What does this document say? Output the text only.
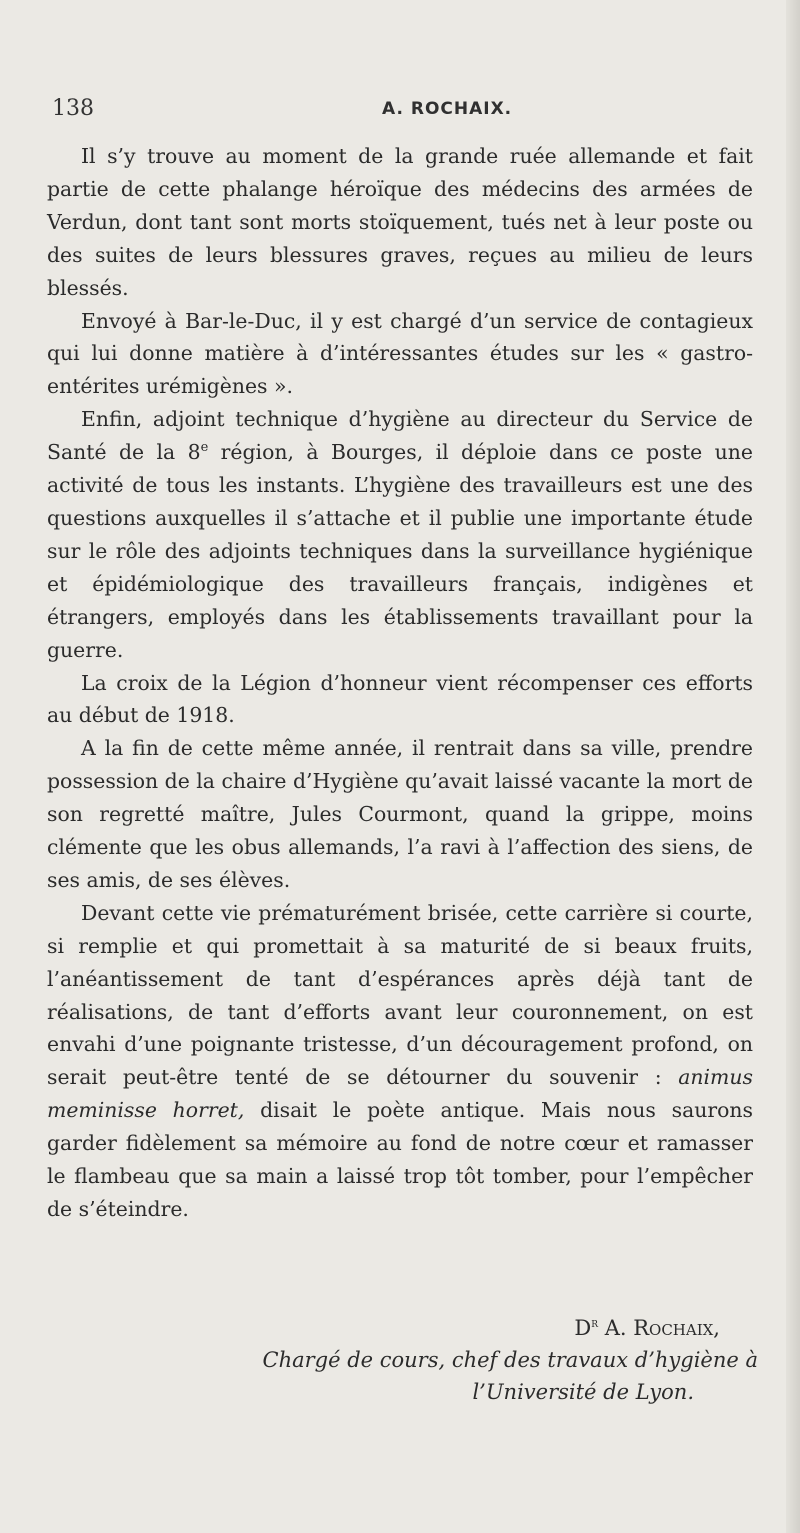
138	A. ROCHAIX.

Il s’y trouve au moment de la grande ruée allemande et fait partie de cette phalange héroïque des médecins des armées de Verdun, dont tant sont morts stoïquement, tués net à leur poste ou des suites de leurs blessures graves, reçues au milieu de leurs blessés.

Envoyé à Bar-le-Duc, il y est chargé d’un service de contagieux qui lui donne matière à d’intéressantes études sur les « gastro-entérites urémigènes ».

Enfin, adjoint technique d’hygiène au directeur du Service de Santé de la 8e région, à Bourges, il déploie dans ce poste une activité de tous les instants. L’hygiène des travailleurs est une des questions auxquelles il s’attache et il publie une importante étude sur le rôle des adjoints techniques dans la surveillance hygiénique et épidémiologique des travailleurs français, indigènes et étrangers, employés dans les établissements travaillant pour la guerre.

La croix de la Légion d’honneur vient récompenser ces efforts au début de 1918.

A la fin de cette même année, il rentrait dans sa ville, prendre possession de la chaire d’Hygiène qu’avait laissé vacante la mort de son regretté maître, Jules Courmont, quand la grippe, moins clémente que les obus allemands, l’a ravi à l’affection des siens, de ses amis, de ses élèves.

Devant cette vie prématurément brisée, cette carrière si courte, si remplie et qui promettait à sa maturité de si beaux fruits, l’anéantissement de tant d’espérances après déjà tant de réalisations, de tant d’efforts avant leur couronnement, on est envahi d’une poignante tristesse, d’un découragement profond, on serait peut-être tenté de se détourner du souvenir : animus meminisse horret, disait le poète antique. Mais nous saurons garder fidèlement sa mémoire au fond de notre cœur et ramasser le flambeau que sa main a laissé trop tôt tomber, pour l’empêcher de s’éteindre.

$D^r$ A. Rochaix,
Chargé de cours, chef des travaux d’hygiène à
l’Université de Lyon.
